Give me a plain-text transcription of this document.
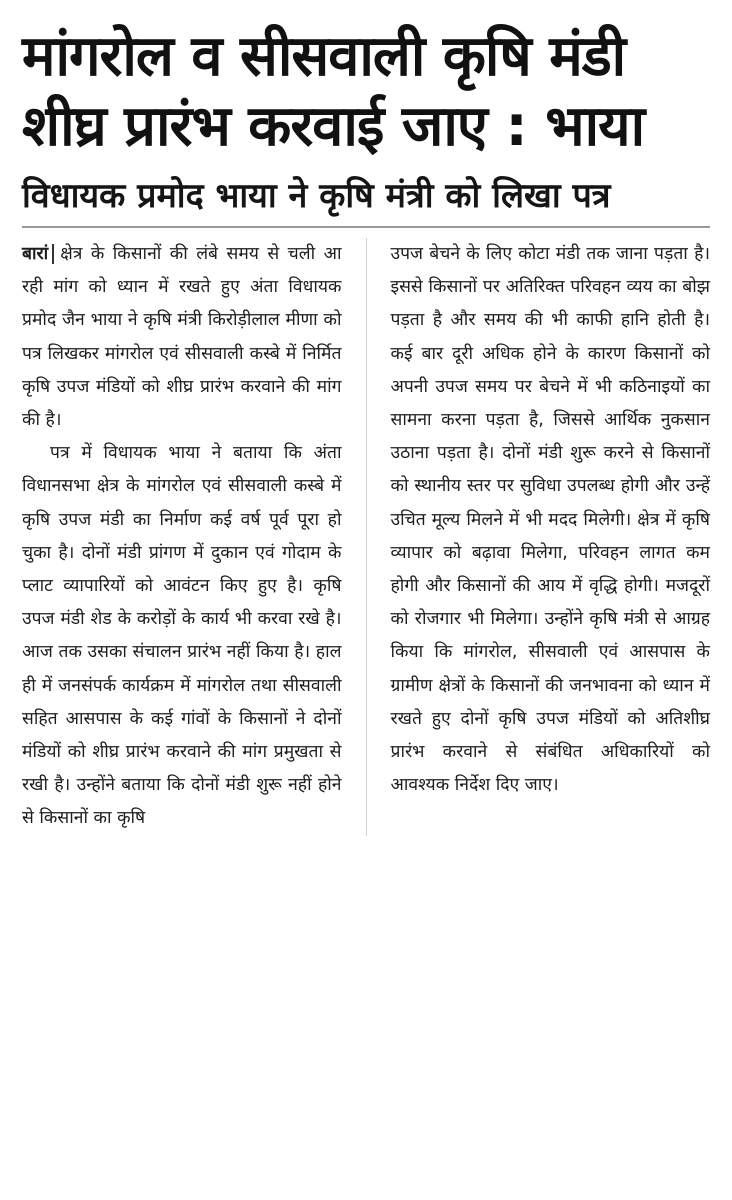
मांगरोल व सीसवाली कृषि मंडी
शीघ्र प्रारंभ करवाई जाए : भाया
विधायक प्रमोद भाया ने कृषि मंत्री को लिखा पत्र

बारां क्षेत्र के किसानों की लंबे समय से चली आ रही मांग को ध्यान में रखते हुए अंता विधायक प्रमोद जैन भाया ने कृषि मंत्री किरोड़ीलाल मीणा को पत्र लिखकर मांगरोल एवं सीसवाली कस्बे में निर्मित कृषि उपज मंडियों को शीघ्र प्रारंभ करवाने की मांग की है।

पत्र में विधायक भाया ने बताया कि अंता विधानसभा क्षेत्र के मांगरोल एवं सीसवाली कस्बे में कृषि उपज मंडी का निर्माण कई वर्ष पूर्व पूरा हो चुका है। दोनों मंडी प्रांगण में दुकान एवं गोदाम के प्लाट व्यापारियों को आवंटन किए हुए है। कृषि उपज मंडी शेड के करोड़ों के कार्य भी करवा रखे है। आज तक उसका संचालन प्रारंभ नहीं किया है। हाल ही में जनसंपर्क कार्यक्रम में मांगरोल तथा सीसवाली सहित आसपास के कई गांवों के किसानों ने दोनों मंडियों को शीघ्र प्रारंभ करवाने की मांग प्रमुखता से रखी है। उन्होंने बताया कि दोनों मंडी शुरू नहीं होने से किसानों का कृषि

उपज बेचने के लिए कोटा मंडी तक जाना पड़ता है। इससे किसानों पर अतिरिक्त परिवहन व्यय का बोझ पड़ता है और समय की भी काफी हानि होती है। कई बार दूरी अधिक होने के कारण किसानों को अपनी उपज समय पर बेचने में भी कठिनाइयों का सामना करना पड़ता है, जिससे आर्थिक नुकसान उठाना पड़ता है। दोनों मंडी शुरू करने से किसानों को स्थानीय स्तर पर सुविधा उपलब्ध होगी और उन्हें उचित मूल्य मिलने में भी मदद मिलेगी। क्षेत्र में कृषि व्यापार को बढ़ावा मिलेगा, परिवहन लागत कम होगी और किसानों की आय में वृद्धि होगी। मजदूरों को रोजगार भी मिलेगा। उन्होंने कृषि मंत्री से आग्रह किया कि मांगरोल, सीसवाली एवं आसपास के ग्रामीण क्षेत्रों के किसानों की जनभावना को ध्यान में रखते हुए दोनों कृषि उपज मंडियों को अतिशीघ्र प्रारंभ करवाने से संबंधित अधिकारियों को आवश्यक निर्देश दिए जाए।
